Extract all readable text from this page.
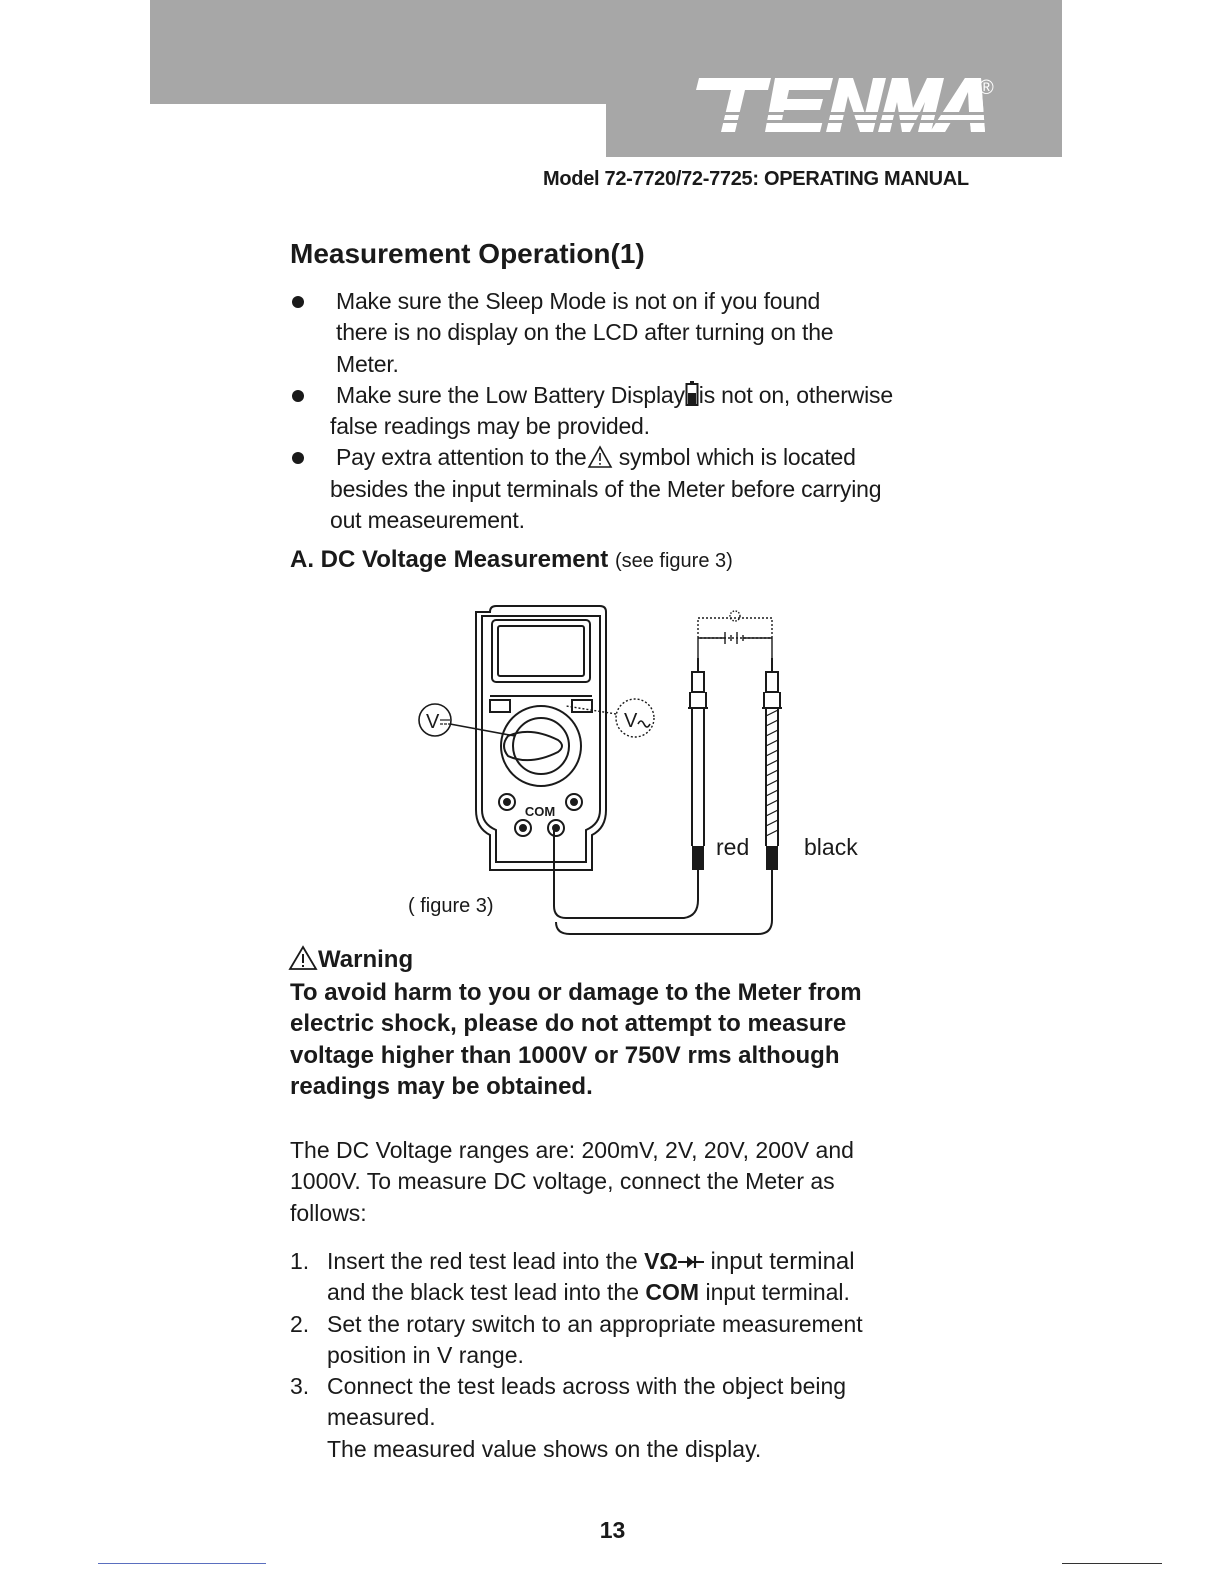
®
Model 72-7720/72-7725: OPERATING MANUAL
Measurement Operation(1)
Make sure the Sleep Mode is not on if you found
there is no display on the LCD after turning on the
Meter.
Make sure the Low Battery Display is not on, otherwise
false readings may be provided.
Pay extra attention to the symbol which is located
besides the input terminals of the Meter before carrying
out measeurement.
A. DC Voltage Measurement (see figure 3)
COM
V	V
red black
( figure 3)
Warning
To avoid harm to you or damage to the Meter from
electric shock, please do not attempt to measure
voltage higher than 1000V or 750V rms although
readings may be obtained.
The DC Voltage ranges are: 200mV, 2V, 20V, 200V and
1000V. To measure DC voltage, connect the Meter as
follows:
1. Insert the red test lead into the VΩ input terminal
and the black test lead into the COM input terminal.
2. Set the rotary switch to an appropriate measurement
position in V range.
3. Connect the test leads across with the object being
measured.
The measured value shows on the display.
13
